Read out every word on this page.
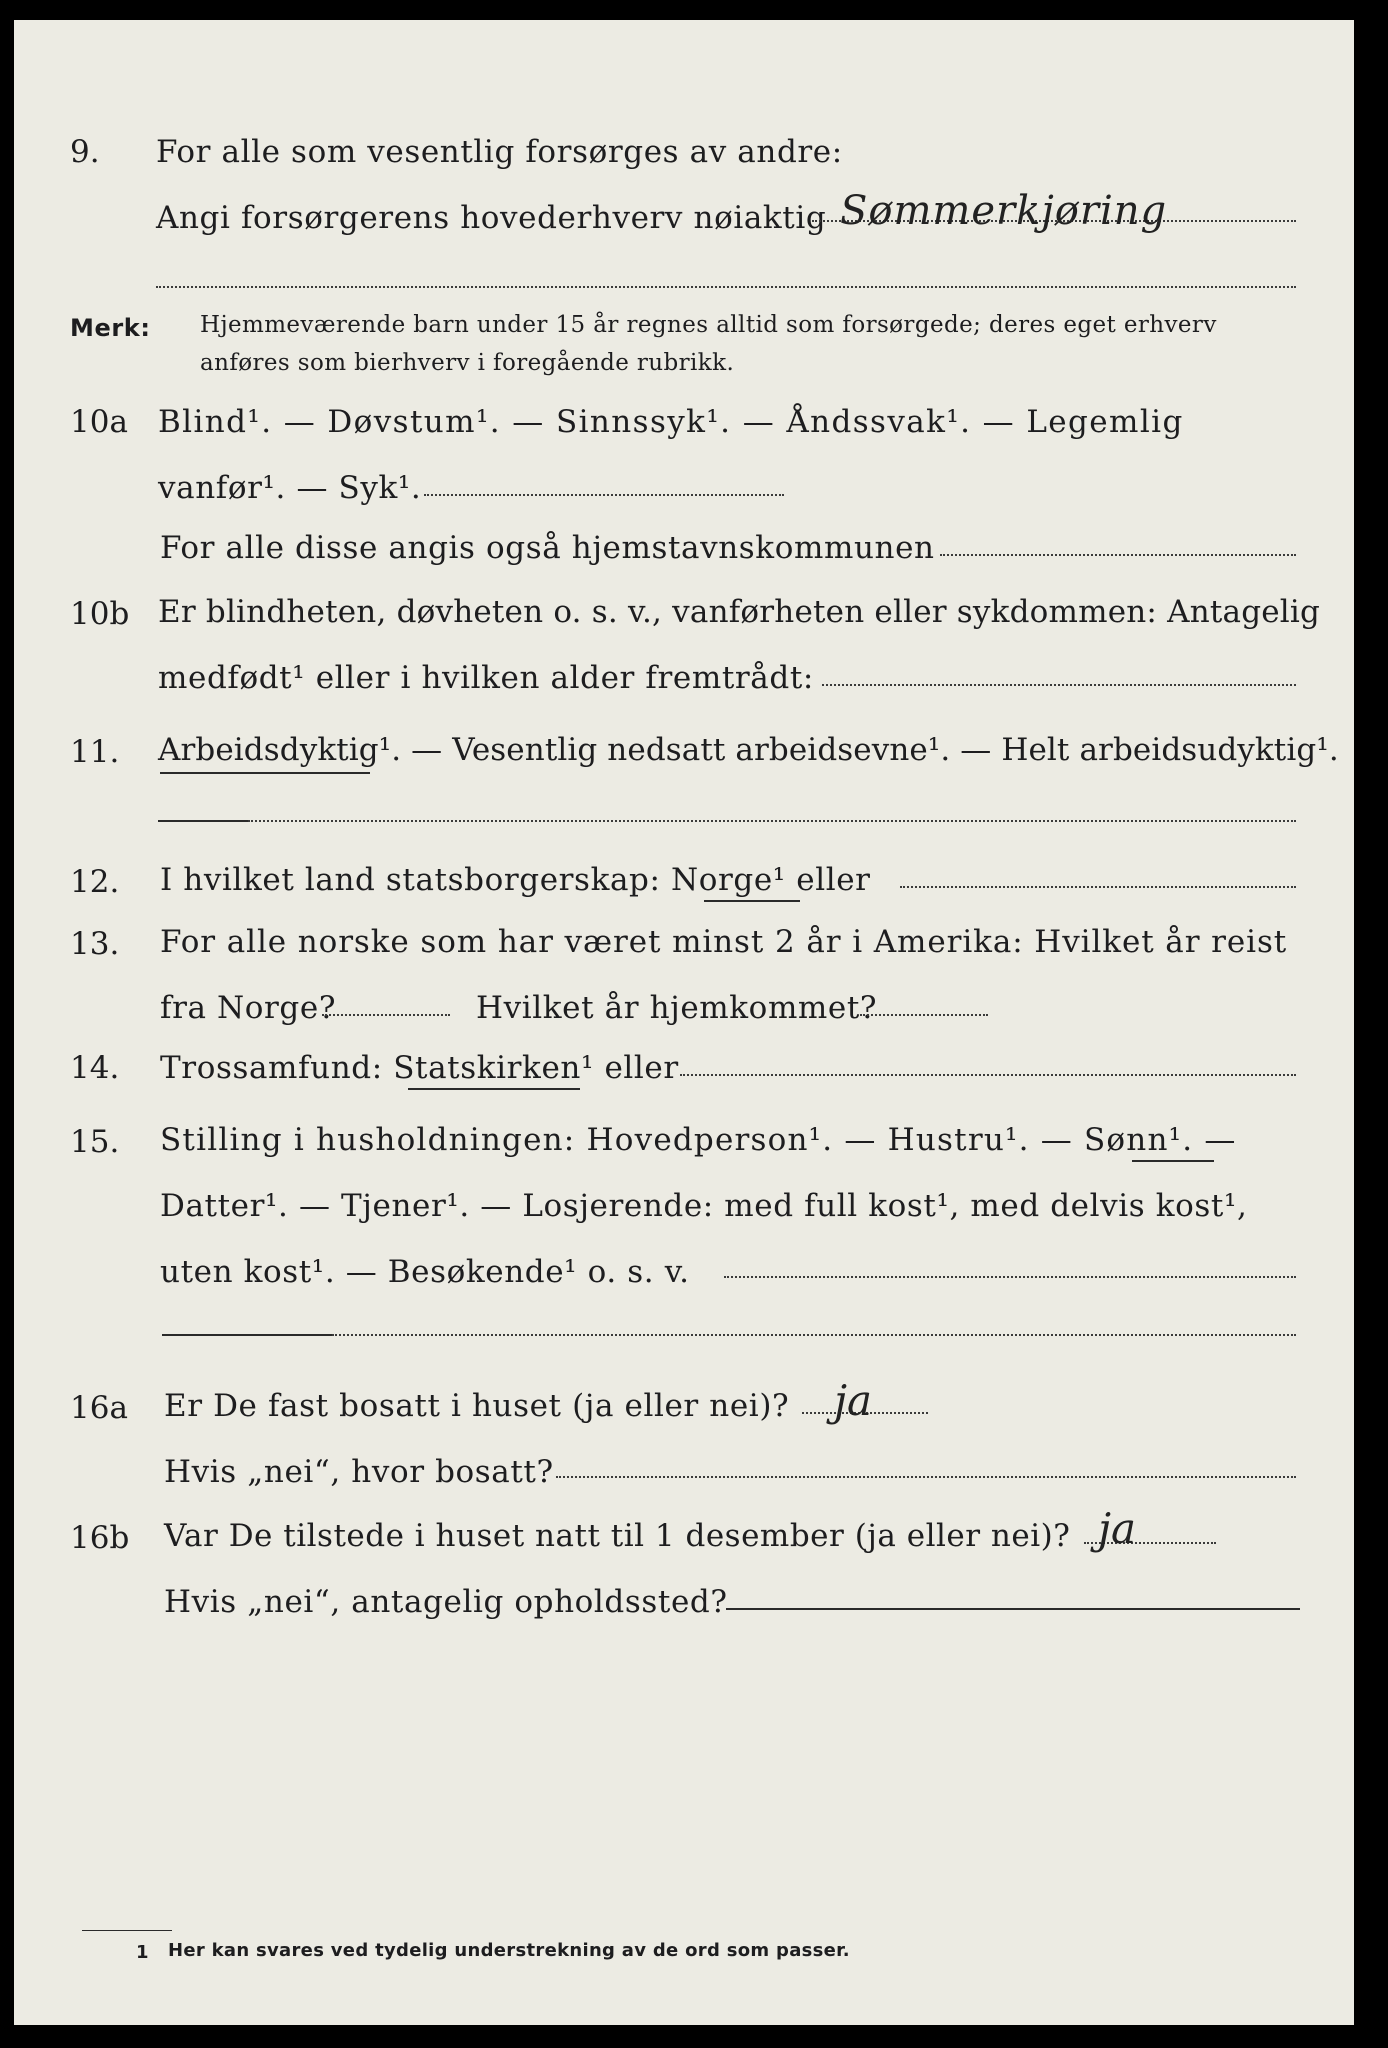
9. For alle som vesentlig forsørges av andre:
Angi forsørgerens hovederhverv nøiaktig Sømmerkjøring
Merk: Hjemmeværende barn under 15 år regnes alltid som forsørgede; deres eget erhverv
anføres som bierhverv i foregående rubrikk.
10a Blind¹. — Døvstum¹. — Sinnssyk¹. — Åndssvak¹. — Legemlig
vanfør¹. — Syk¹.
For alle disse angis også hjemstavnskommunen
10b Er blindheten, døvheten o. s. v., vanførheten eller sykdommen: Antagelig
medfødt¹ eller i hvilken alder fremtrådt:
11. Arbeidsdyktig¹. — Vesentlig nedsatt arbeidsevne¹. — Helt arbeidsudyktig¹.
12. I hvilket land statsborgerskap: Norge¹ eller
13. For alle norske som har været minst 2 år i Amerika: Hvilket år reist
fra Norge?	Hvilket år hjemkommet?
14. Trossamfund: Statskirken¹ eller
15. Stilling i husholdningen: Hovedperson¹. — Hustru¹. — Sønn¹. —
Datter¹. — Tjener¹. — Losjerende: med full kost¹, med delvis kost¹,
uten kost¹. — Besøkende¹ o. s. v.
16a Er De fast bosatt i huset (ja eller nei)? ja
Hvis „nei“, hvor bosatt?
16b Var De tilstede i huset natt til 1 desember (ja eller nei)? ja
Hvis „nei“, antagelig opholdssted?
1 Her kan svares ved tydelig understrekning av de ord som passer.
